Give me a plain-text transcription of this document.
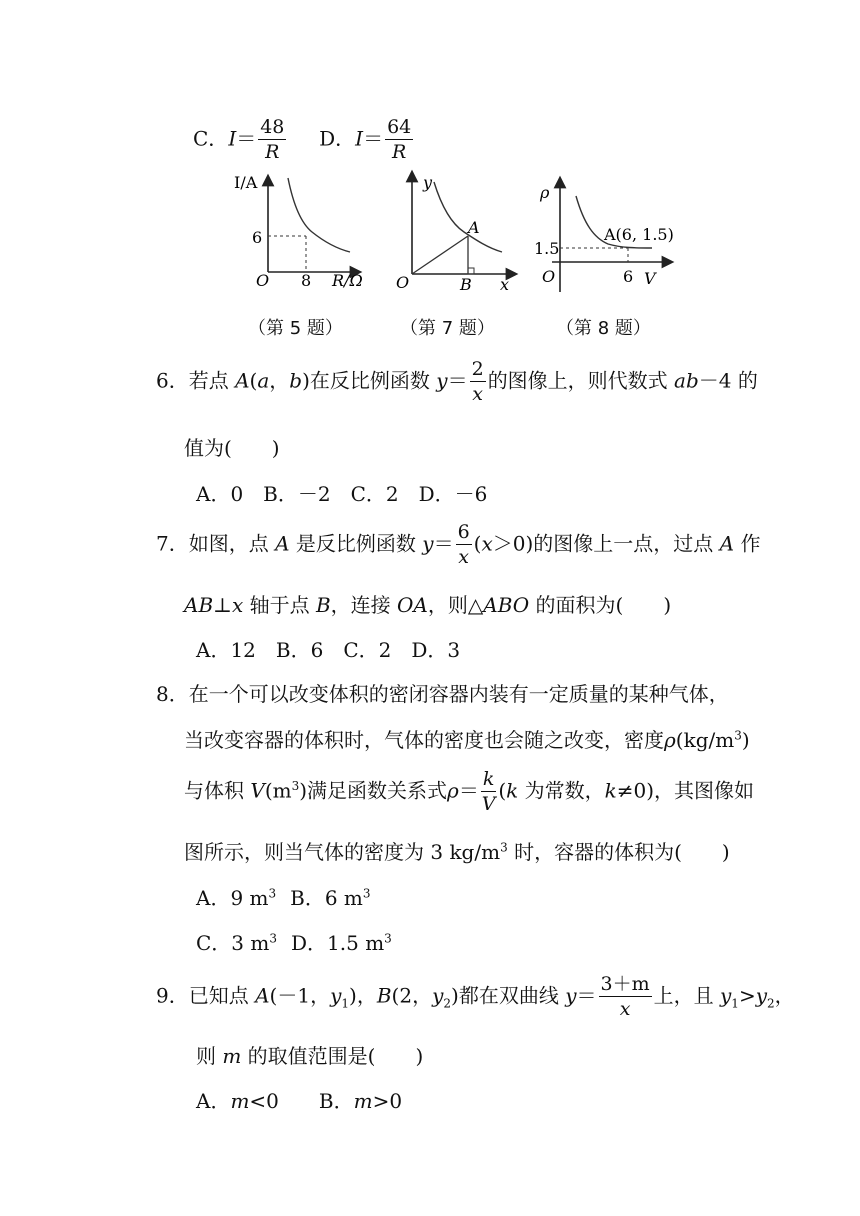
C．$I= \frac{48}{R}$ D．$I= \frac{64}{R}$
I/A
6
O 8 R/Ω
y
A
O	B x
ρ
A(6, 1.5)
1.5
O	6 V
（第 5 题）	（第 7 题）	（第 8 题）
6．若点 A(a，b)在反比例函数 $y= \frac{2}{x}$ 的图像上，则代数式 ab－4 的
值为(　　)
A．0　B．－2　C．2　D．－6
7．如图，点 A 是反比例函数 $y= \frac{6}{x} (x>0)$的图像上一点，过点 A 作
AB⊥x 轴于点 B，连接 OA，则△ABO 的面积为(　　)
A．12　B．6　C．2　D．3
8．在一个可以改变体积的密闭容器内装有一定质量的某种气体，
当改变容器的体积时，气体的密度也会随之改变，密度$\rho(kg/m^3)$
与体积 $V(m^3)$满足函数关系式$\rho= \frac{k}{V} (k$ 为常数，k≠0)，其图像如
图所示，则当气体的密度为 3 $kg/m^3$ 时，容器的体积为(　　)
A．9 $m^3$ B．6 $m^3$
C．3 $m^3$ D．1.5 $m^3$
9．已知点 A(－1，$y_1$)，B(2，$y_2$)都在双曲线 $y= \frac{3+m}{x}$ 上，且 $y_1>y_2$，
则 m 的取值范围是(　　)
A．m<0 B．m>0
